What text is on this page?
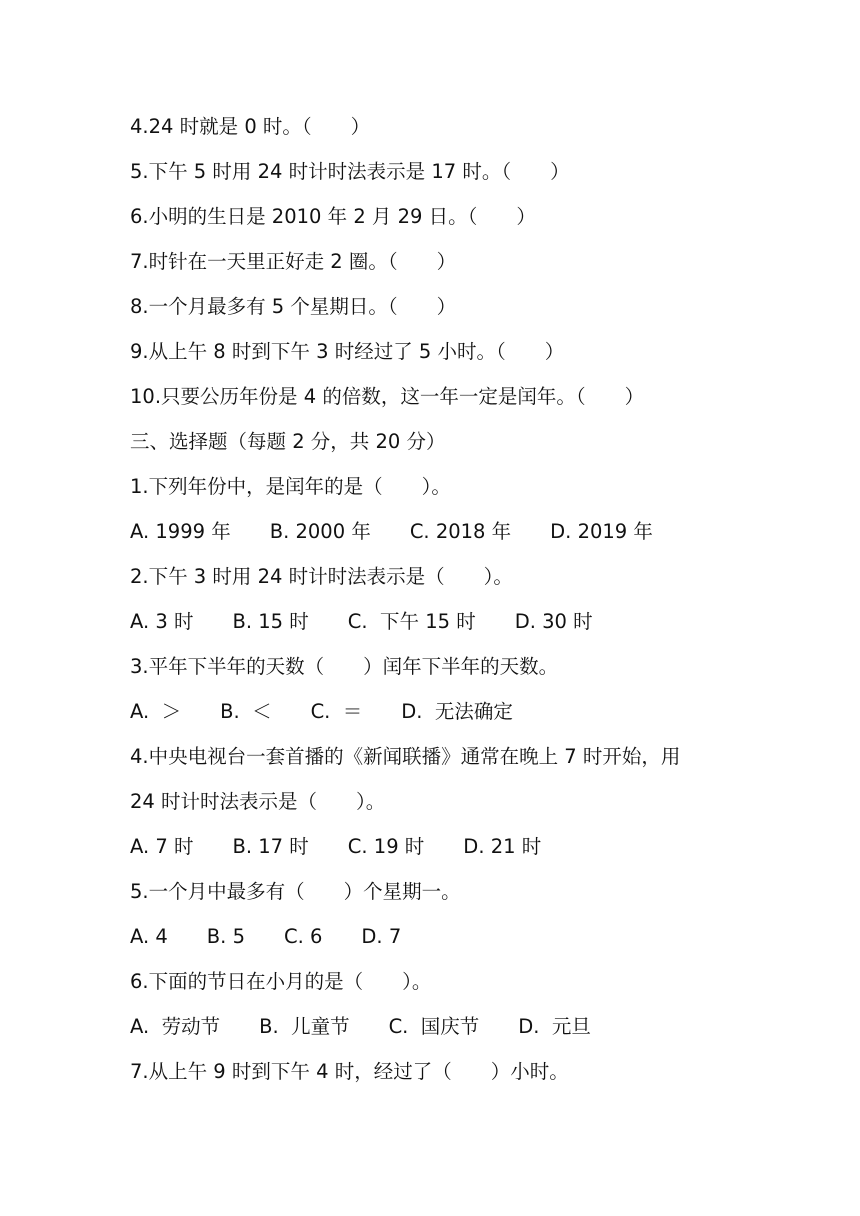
4.24 时就是 0 时。（　　）
5.下午 5 时用 24 时计时法表示是 17 时。（　　）
6.小明的生日是 2010 年 2 月 29 日。（　　）
7.时针在一天里正好走 2 圈。（　　）
8.一个月最多有 5 个星期日。（　　）
9.从上午 8 时到下午 3 时经过了 5 小时。（　　）
10.只要公历年份是 4 的倍数，这一年一定是闰年。（　　）
三、选择题（每题 2 分，共 20 分）
1.下列年份中，是闰年的是（　　）。
A. 1999 年　　B. 2000 年　　C. 2018 年　　D. 2019 年
2.下午 3 时用 24 时计时法表示是（　　）。
A. 3 时　　B. 15 时　　C.  下午 15 时　　D. 30 时
3.平年下半年的天数（　　）闰年下半年的天数。
A.  ＞　　B.  ＜　　C.  ＝　　D.  无法确定
4.中央电视台一套首播的《新闻联播》通常在晚上 7 时开始，用
24 时计时法表示是（　　）。
A. 7 时　　B. 17 时　　C. 19 时　　D. 21 时
5.一个月中最多有（　　）个星期一。
A. 4　　B. 5　　C. 6　　D. 7
6.下面的节日在小月的是（　　）。
A.  劳动节　　B.  儿童节　　C.  国庆节　　D.  元旦
7.从上午 9 时到下午 4 时，经过了（　　）小时。
